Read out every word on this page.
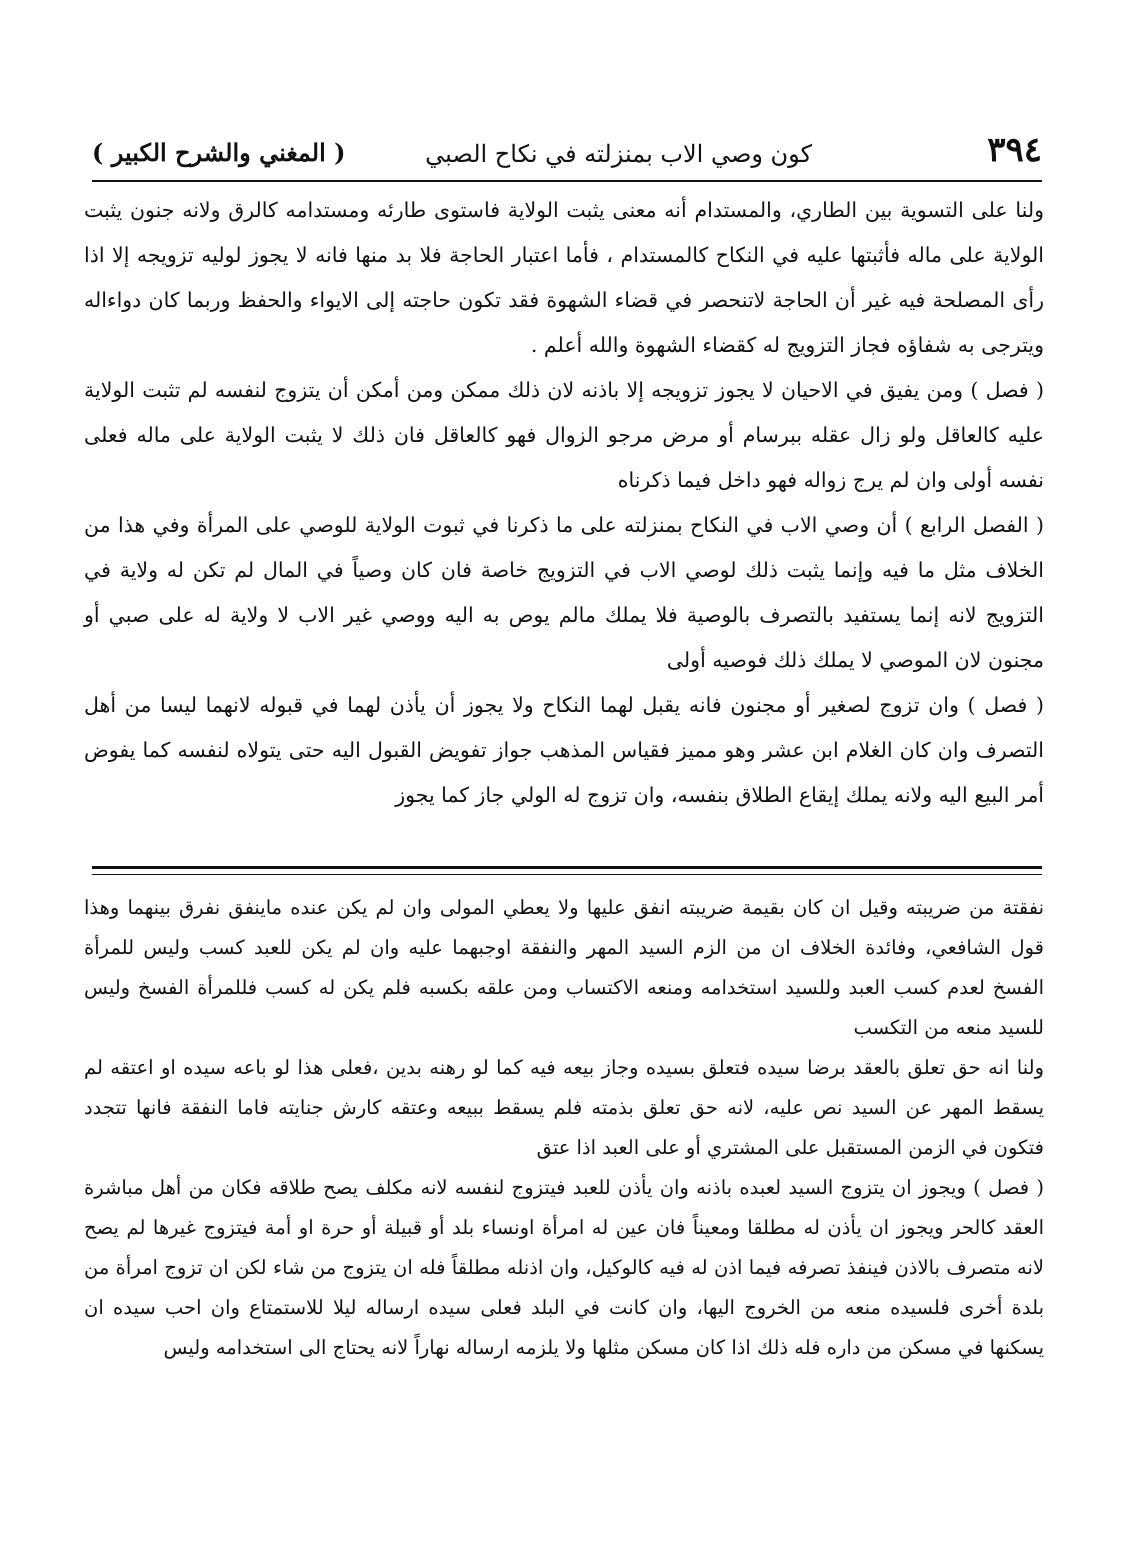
٣٩٤
كون وصي الاب بمنزلته في نكاح الصبي
( المغني والشرح الكبير )

ولنا على التسوية بين الطاري، والمستدام أنه معنى يثبت الولاية فاستوى طارئه ومستدامه كالرق ولانه جنون يثبت الولاية على ماله فأثبتها عليه في النكاح كالمستدام ، فأما اعتبار الحاجة فلا بد منها فانه لا يجوز لوليه تزويجه إلا اذا رأى المصلحة فيه غير أن الحاجة لاتنحصر في قضاء الشهوة فقد تكون حاجته إلى الايواء والحفظ وربما كان دواءاله ويترجى به شفاؤه فجاز التزويج له كقضاء الشهوة والله أعلم .

( فصل ) ومن يفيق في الاحيان لا يجوز تزويجه إلا باذنه لان ذلك ممكن ومن أمكن أن يتزوج لنفسه لم تثبت الولاية عليه كالعاقل ولو زال عقله ببرسام أو مرض مرجو الزوال فهو كالعاقل فان ذلك لا يثبت الولاية على ماله فعلى نفسه أولى وان لم يرج زواله فهو داخل فيما ذكرناه

( الفصل الرابع ) أن وصي الاب في النكاح بمنزلته على ما ذكرنا في ثبوت الولاية للوصي على المرأة وفي هذا من الخلاف مثل ما فيه وإنما يثبت ذلك لوصي الاب في التزويج خاصة فان كان وصياً في المال لم تكن له ولاية في التزويج لانه إنما يستفيد بالتصرف بالوصية فلا يملك مالم يوص به اليه ووصي غير الاب لا ولاية له على صبي أو مجنون لان الموصي لا يملك ذلك فوصيه أولى

( فصل ) وان تزوج لصغير أو مجنون فانه يقبل لهما النكاح ولا يجوز أن يأذن لهما في قبوله لانهما ليسا من أهل التصرف وان كان الغلام ابن عشر وهو مميز فقياس المذهب جواز تفويض القبول اليه حتى يتولاه لنفسه كما يفوض أمر البيع اليه ولانه يملك إيقاع الطلاق بنفسه، وان تزوج له الولي جاز كما يجوز

نفقتة من ضريبته وقيل ان كان بقيمة ضريبته انفق عليها ولا يعطي المولى وان لم يكن عنده ماينفق نفرق بينهما وهذا قول الشافعي، وفائدة الخلاف ان من الزم السيد المهر والنفقة اوجبهما عليه وان لم يكن للعبد كسب وليس للمرأة الفسخ لعدم كسب العبد وللسيد استخدامه ومنعه الاكتساب ومن علقه بكسبه فلم يكن له كسب فللمرأة الفسخ وليس للسيد منعه من التكسب

ولنا انه حق تعلق بالعقد برضا سيده فتعلق بسيده وجاز بيعه فيه كما لو رهنه بدين ،فعلى هذا لو باعه سيده او اعتقه لم يسقط المهر عن السيد نص عليه، لانه حق تعلق بذمته فلم يسقط ببيعه وعتقه كارش جنايته فاما النفقة فانها تتجدد فتكون في الزمن المستقبل على المشتري أو على العبد اذا عتق

( فصل ) ويجوز ان يتزوج السيد لعبده باذنه وان يأذن للعبد فيتزوج لنفسه لانه مكلف يصح طلاقه فكان من أهل مباشرة العقد كالحر ويجوز ان يأذن له مطلقا ومعيناً فان عين له امرأة اونساء بلد أو قبيلة أو حرة او أمة فيتزوج غيرها لم يصح لانه متصرف بالاذن فينفذ تصرفه فيما اذن له فيه كالوكيل، وان اذنله مطلقاً فله ان يتزوج من شاء لكن ان تزوج امرأة من بلدة أخرى فلسيده منعه من الخروج اليها، وان كانت في البلد فعلى سيده ارساله ليلا للاستمتاع وان احب سيده ان يسكنها في مسكن من داره فله ذلك اذا كان مسكن مثلها ولا يلزمه ارساله نهاراً لانه يحتاج الى استخدامه وليس
